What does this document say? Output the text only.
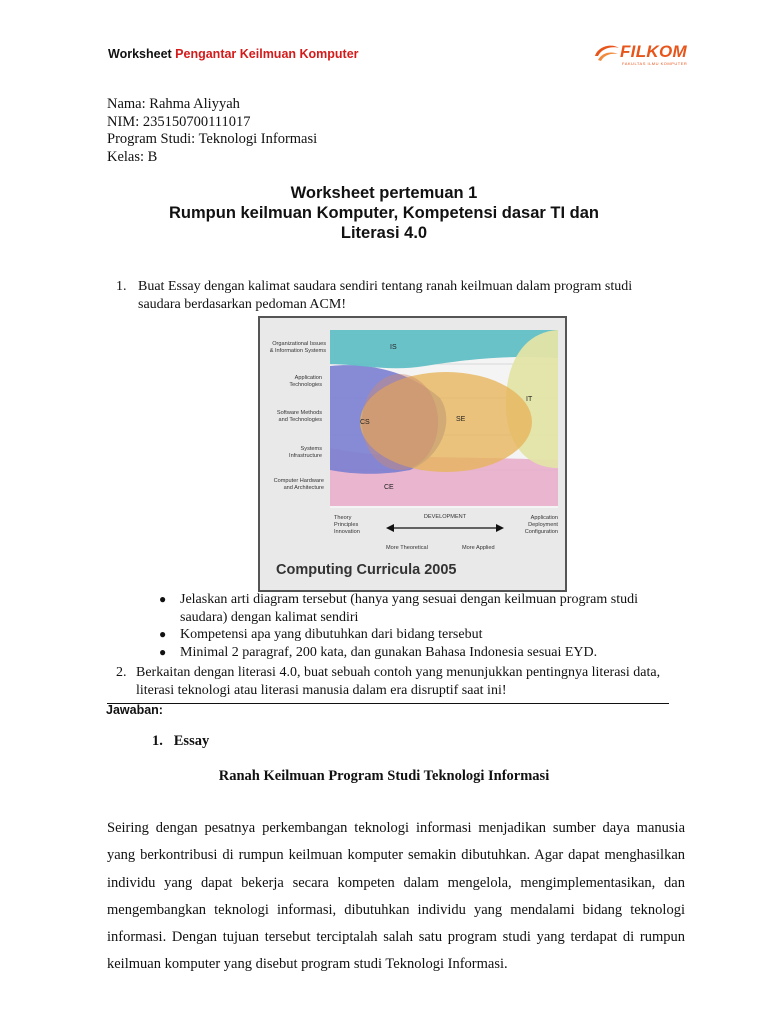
Worksheet Pengantar Keilmuan Komputer	FILKOM
FAKULTAS ILMU KOMPUTER
Nama: Rahma Aliyyah
NIM: 235150700111017
Program Studi: Teknologi Informasi
Kelas: B
Worksheet pertemuan 1
Rumpun keilmuan Komputer, Kompetensi dasar TI dan
Literasi 4.0
1. Buat Essay dengan kalimat saudara sendiri tentang ranah keilmuan dalam program studi saudara berdasarkan pedoman ACM!
IS
IT
CS	SE
CE
Organizational Issues
& Information Systems
Application
Technologies
Software Methods
and Technologies
Systems
Infrastructure
Computer Hardware
and Architecture
Theory
Principles
Innovation
DEVELOPMENT	Application
Deployment
Configuration
More Theoretical	More Applied
Computing Curricula 2005
● Jelaskan arti diagram tersebut (hanya yang sesuai dengan keilmuan program studi saudara) dengan kalimat sendiri
● Kompetensi apa yang dibutuhkan dari bidang tersebut
● Minimal 2 paragraf, 200 kata, dan gunakan Bahasa Indonesia sesuai EYD.
2. Berkaitan dengan literasi 4.0, buat sebuah contoh yang menunjukkan pentingnya literasi data, literasi teknologi atau literasi manusia dalam era disruptif saat ini!
Jawaban:
1.   Essay
Ranah Keilmuan Program Studi Teknologi Informasi
Seiring dengan pesatnya perkembangan teknologi informasi menjadikan sumber daya manusia yang berkontribusi di rumpun keilmuan komputer semakin dibutuhkan. Agar dapat menghasilkan individu yang dapat bekerja secara kompeten dalam mengelola, mengimplementasikan, dan mengembangkan teknologi informasi, dibutuhkan individu yang mendalami bidang teknologi informasi. Dengan tujuan tersebut terciptalah salah satu program studi yang terdapat di rumpun keilmuan komputer yang disebut program studi Teknologi Informasi.
